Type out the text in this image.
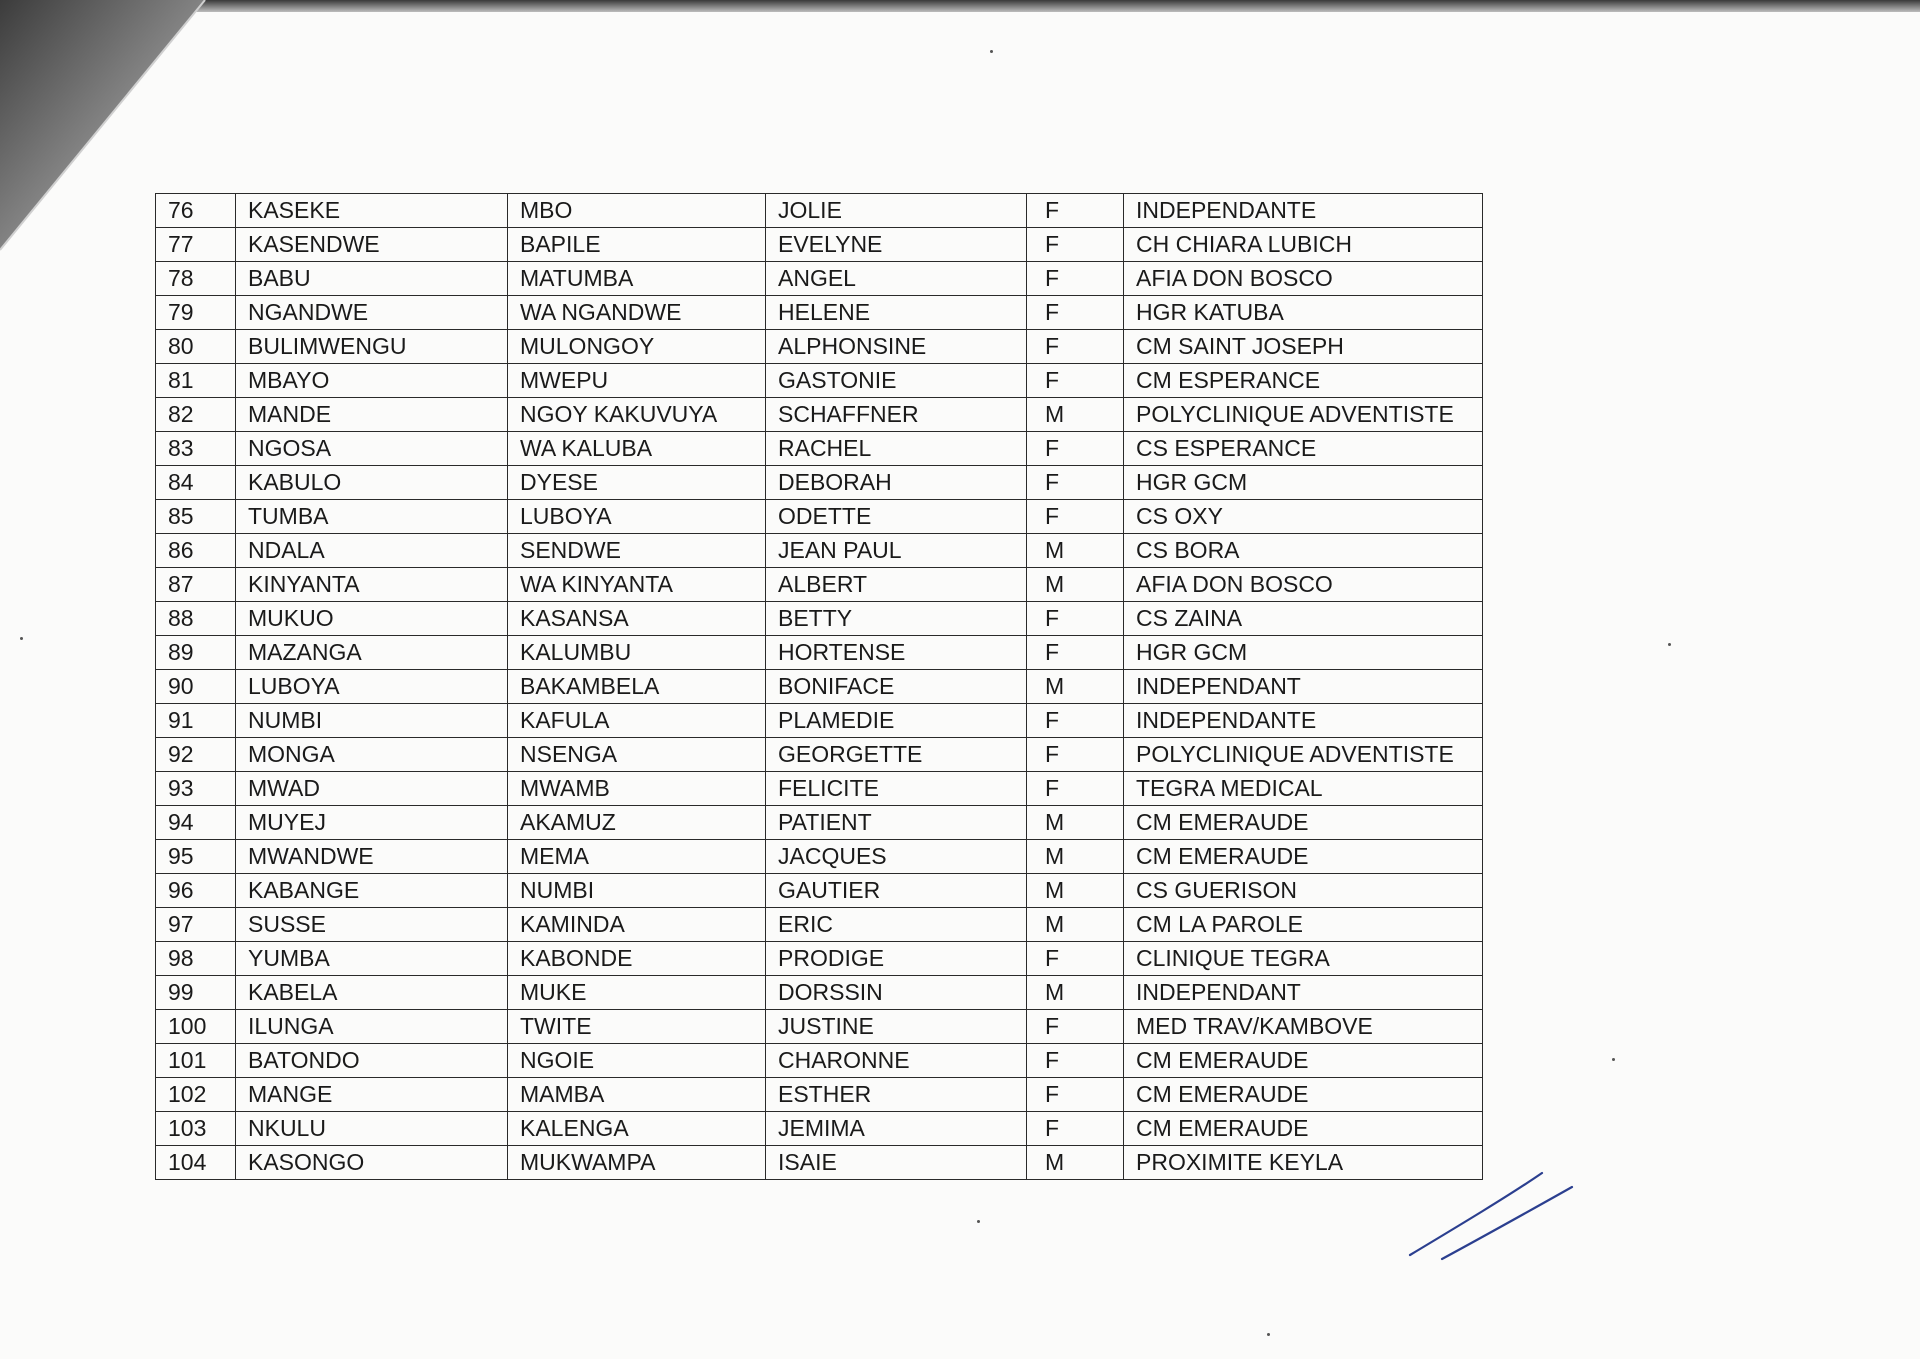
76	KASEKE	MBO	JOLIE	F	INDEPENDANTE
77	KASENDWE	BAPILE	EVELYNE	F	CH CHIARA LUBICH
78	BABU	MATUMBA	ANGEL	F	AFIA DON BOSCO
79	NGANDWE	WA NGANDWE	HELENE	F	HGR KATUBA
80	BULIMWENGU	MULONGOY	ALPHONSINE	F	CM SAINT JOSEPH
81	MBAYO	MWEPU	GASTONIE	F	CM ESPERANCE
82	MANDE	NGOY KAKUVUYA	SCHAFFNER	M	POLYCLINIQUE ADVENTISTE
83	NGOSA	WA KALUBA	RACHEL	F	CS ESPERANCE
84	KABULO	DYESE	DEBORAH	F	HGR GCM
85	TUMBA	LUBOYA	ODETTE	F	CS OXY
86	NDALA	SENDWE	JEAN PAUL	M	CS BORA
87	KINYANTA	WA KINYANTA	ALBERT	M	AFIA DON BOSCO
88	MUKUO	KASANSA	BETTY	F	CS ZAINA
89	MAZANGA	KALUMBU	HORTENSE	F	HGR GCM
90	LUBOYA	BAKAMBELA	BONIFACE	M	INDEPENDANT
91	NUMBI	KAFULA	PLAMEDIE	F	INDEPENDANTE
92	MONGA	NSENGA	GEORGETTE	F	POLYCLINIQUE ADVENTISTE
93	MWAD	MWAMB	FELICITE	F	TEGRA MEDICAL
94	MUYEJ	AKAMUZ	PATIENT	M	CM EMERAUDE
95	MWANDWE	MEMA	JACQUES	M	CM EMERAUDE
96	KABANGE	NUMBI	GAUTIER	M	CS GUERISON
97	SUSSE	KAMINDA	ERIC	M	CM LA PAROLE
98	YUMBA	KABONDE	PRODIGE	F	CLINIQUE TEGRA
99	KABELA	MUKE	DORSSIN	M	INDEPENDANT
100	ILUNGA	TWITE	JUSTINE	F	MED TRAV/KAMBOVE
101	BATONDO	NGOIE	CHARONNE	F	CM EMERAUDE
102	MANGE	MAMBA	ESTHER	F	CM EMERAUDE
103	NKULU	KALENGA	JEMIMA	F	CM EMERAUDE
104	KASONGO	MUKWAMPA	ISAIE	M	PROXIMITE KEYLA
